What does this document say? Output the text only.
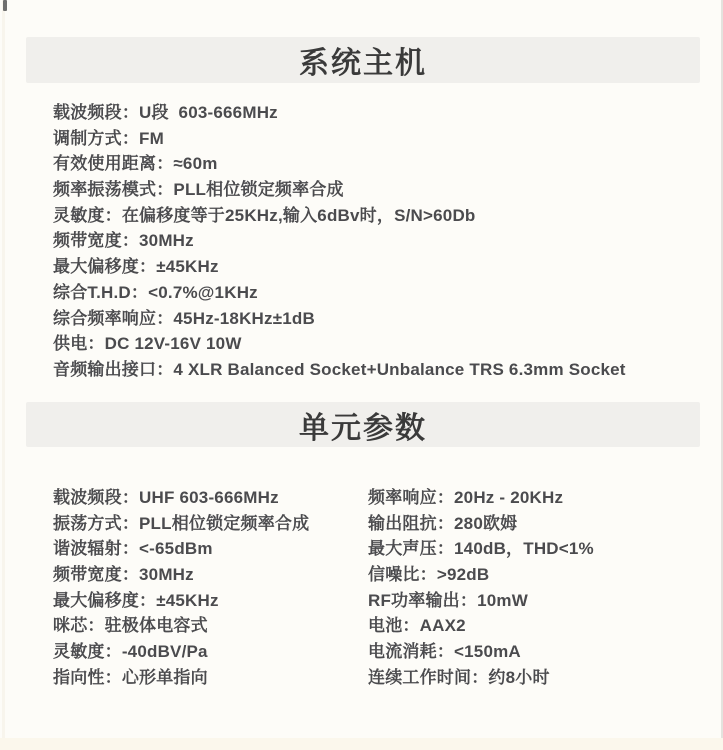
系统主机
载波频段：U段  603-666MHz
调制方式：FM
有效使用距离：≈60m
频率振荡模式：PLL相位锁定频率合成
灵敏度：在偏移度等于25KHz,输入6dBv时，S/N>60Db
频带宽度：30MHz
最大偏移度：±45KHz
综合T.H.D：<0.7%@1KHz
综合频率响应：45Hz-18KHz±1dB
供电：DC 12V-16V 10W
音频输出接口：4 XLR Balanced Socket+Unbalance TRS 6.3mm Socket
单元参数
载波频段：UHF 603-666MHz
振荡方式：PLL相位锁定频率合成
谐波辐射：<-65dBm
频带宽度：30MHz
最大偏移度：±45KHz
咪芯：驻极体电容式
灵敏度：-40dBV/Pa
指向性：心形单指向
频率响应：20Hz - 20KHz
输出阻抗：280欧姆
最大声压：140dB，THD<1%
信噪比：>92dB
RF功率输出：10mW
电池：AAX2
电流消耗：<150mA
连续工作时间：约8小时
